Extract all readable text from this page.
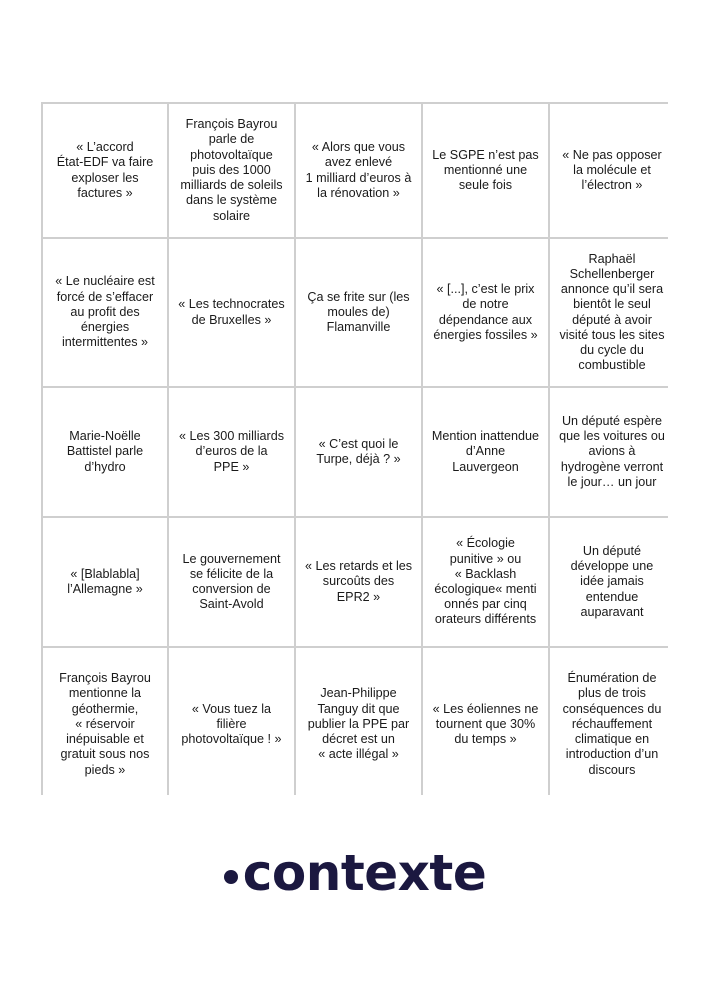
« L’accord
État-EDF va faire
exploser les
factures »
François Bayrou
parle de
photovoltaïque
puis des 1000
milliards de soleils
dans le système
solaire
« Alors que vous
avez enlevé
1 milliard d’euros à
la rénovation »
Le SGPE n’est pas
mentionné une
seule fois
« Ne pas opposer
la molécule et
l’électron »
« Le nucléaire est
forcé de s’effacer
au profit des
énergies
intermittentes »
« Les technocrates
de Bruxelles »
Ça se frite sur (les
moules de)
Flamanville
« [...], c’est le prix
de notre
dépendance aux
énergies fossiles »
Raphaël
Schellenberger
annonce qu’il sera
bientôt le seul
député à avoir
visité tous les sites
du cycle du
combustible
Marie-Noëlle
Battistel parle
d’hydro
« Les 300 milliards
d’euros de la
PPE »
« C’est quoi le
Turpe, déjà ? »
Mention inattendue
d’Anne
Lauvergeon
Un député espère
que les voitures ou
avions à
hydrogène verront
le jour… un jour
« [Blablabla]
l’Allemagne »
Le gouvernement
se félicite de la
conversion de
Saint-Avold
« Les retards et les
surcoûts des
EPR2 »
« Écologie
punitive » ou
« Backlash
écologique« menti
onnés par cinq
orateurs différents
Un député
développe une
idée jamais
entendue
auparavant
François Bayrou
mentionne la
géothermie,
« réservoir
inépuisable et
gratuit sous nos
pieds »
« Vous tuez la
filière
photovoltaïque ! »
Jean-Philippe
Tanguy dit que
publier la PPE par
décret est un
« acte illégal »
« Les éoliennes ne
tournent que 30%
du temps »
Énumération de
plus de trois
conséquences du
réchauffement
climatique en
introduction d’un
discours
contexte
